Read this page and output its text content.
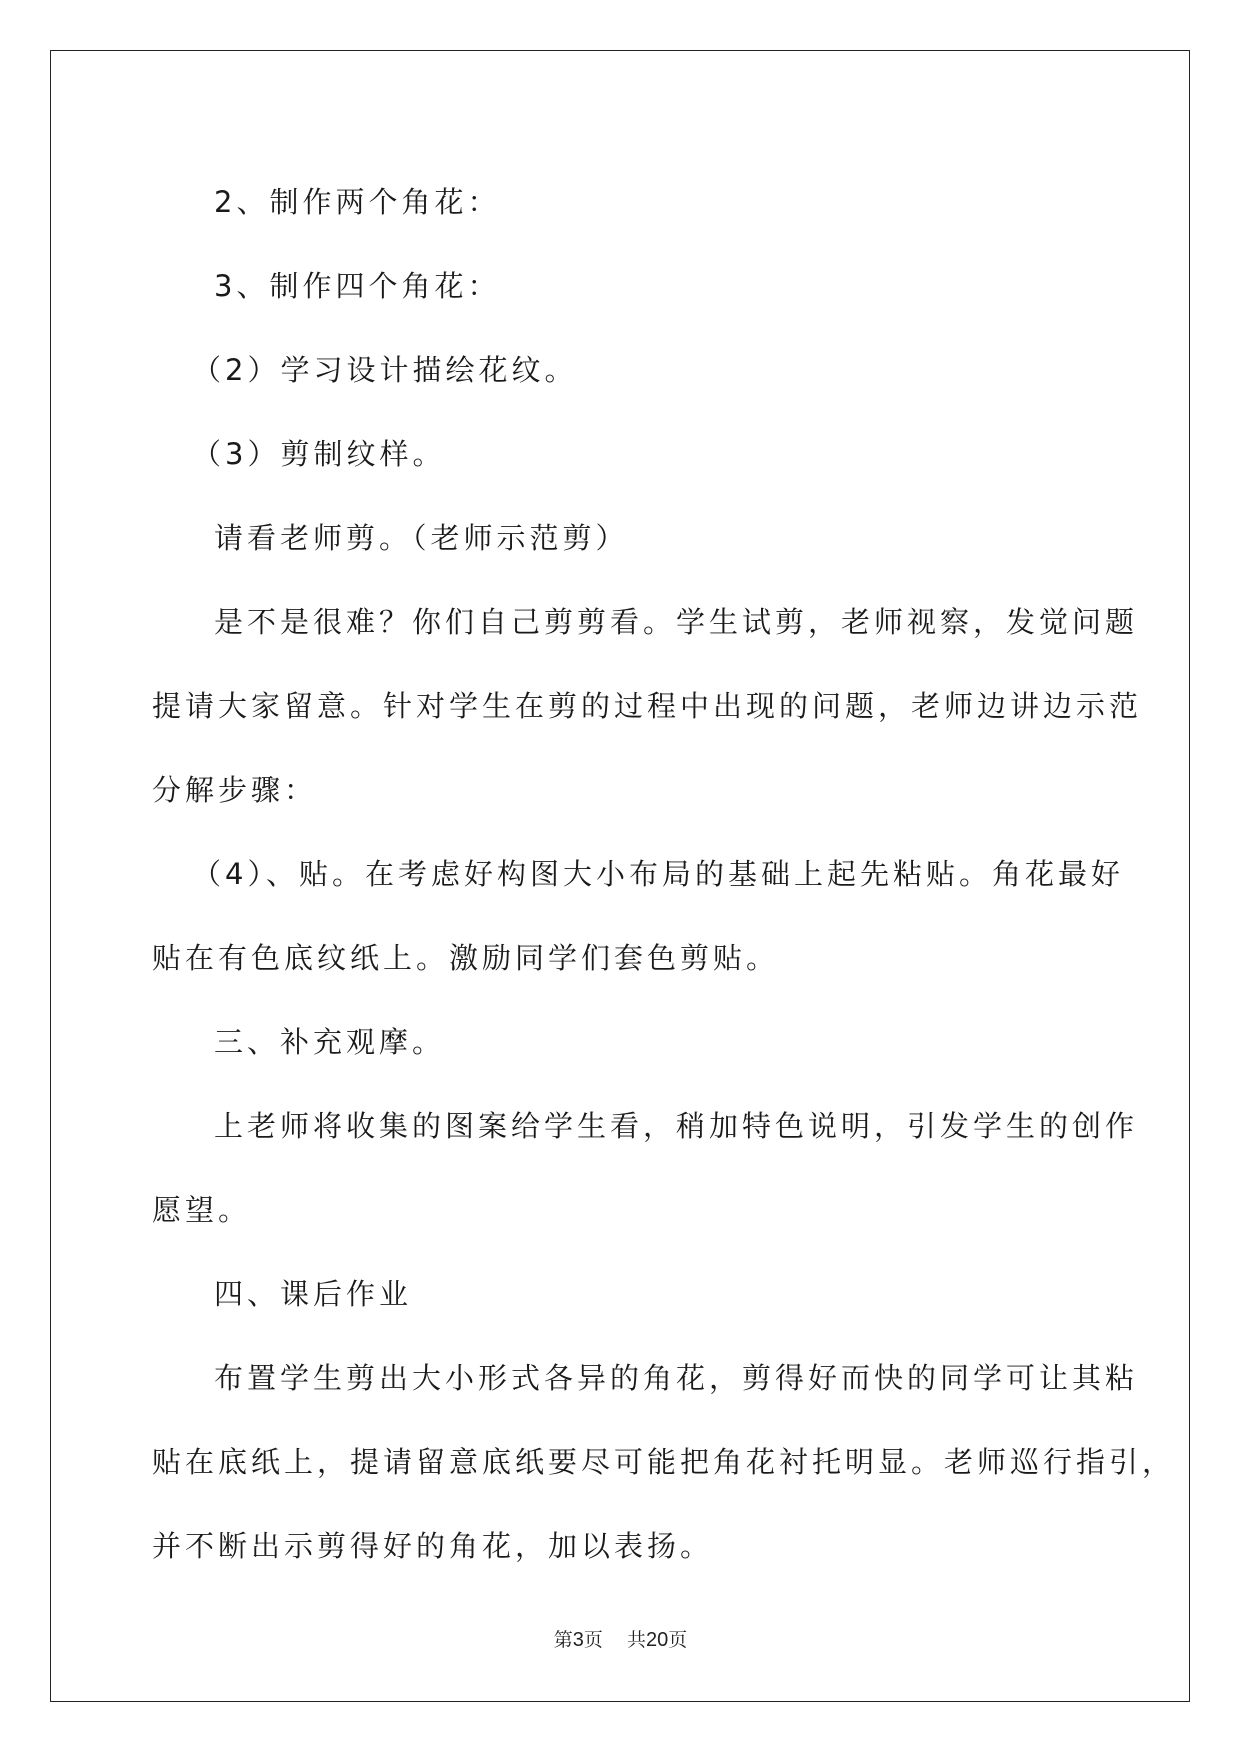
2、制作两个角花：

3、制作四个角花：

（2）学习设计描绘花纹。

（3）剪制纹样。

请看老师剪。（老师示范剪）

是不是很难？你们自己剪剪看。学生试剪，老师视察，发觉问题

提请大家留意。针对学生在剪的过程中出现的问题，老师边讲边示范

分解步骤：

（4）、贴。在考虑好构图大小布局的基础上起先粘贴。角花最好

贴在有色底纹纸上。激励同学们套色剪贴。

三、补充观摩。

上老师将收集的图案给学生看，稍加特色说明，引发学生的创作

愿望。

四、课后作业

布置学生剪出大小形式各异的角花，剪得好而快的同学可让其粘

贴在底纸上，提请留意底纸要尽可能把角花衬托明显。老师巡行指引，

并不断出示剪得好的角花，加以表扬。

第3页 共20页
